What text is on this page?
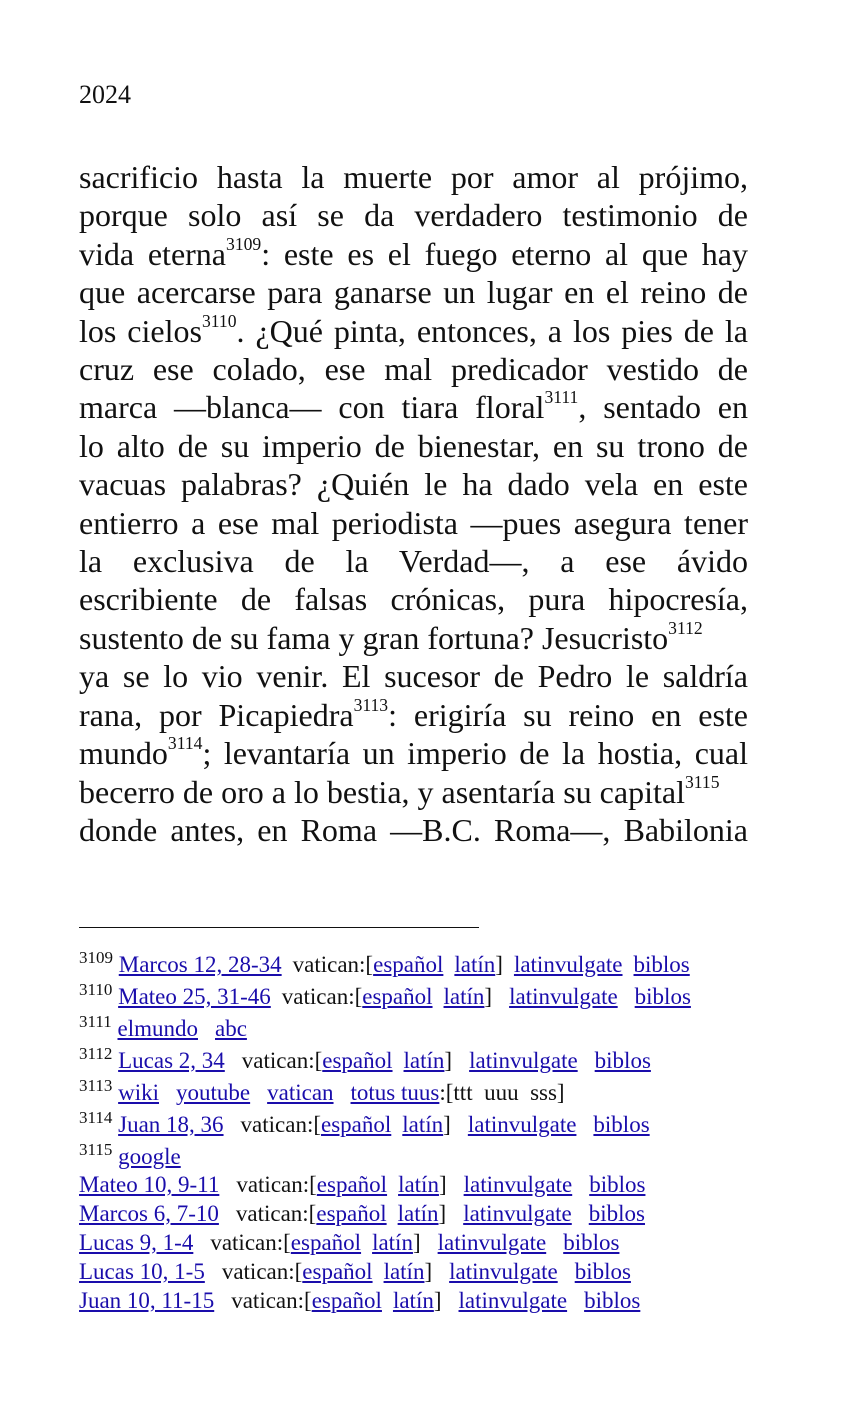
2024
sacrificio hasta la muerte por amor al prójimo,
porque solo así se da verdadero testimonio de
vida eterna$^{3109}$: este es el fuego eterno al que hay
que acercarse para ganarse un lugar en el reino de
los cielos$^{3110}$. ¿Qué pinta, entonces, a los pies de la
cruz ese colado, ese mal predicador vestido de
marca —blanca— con tiara floral$^{3111}$, sentado en
lo alto de su imperio de bienestar, en su trono de
vacuas palabras? ¿Quién le ha dado vela en este
entierro a ese mal periodista —pues asegura tener
la exclusiva de la Verdad—, a ese ávido
escribiente de falsas crónicas, pura hipocresía,
sustento de su fama y gran fortuna? Jesucristo$^{3112}$
ya se lo vio venir. El sucesor de Pedro le saldría
rana, por Picapiedra$^{3113}$: erigiría su reino en este
mundo$^{3114}$; levantaría un imperio de la hostia, cual
becerro de oro a lo bestia, y asentaría su capital$^{3115}$
donde antes, en Roma —B.C. Roma—, Babilonia
$^{3109}$ Marcos 12, 28-34 vatican:[español latín] latinvulgate biblos
$^{3110}$ Mateo 25, 31-46 vatican:[español latín] latinvulgate biblos
$^{3111}$ elmundo abc
$^{3112}$ Lucas 2, 34 vatican:[español latín] latinvulgate biblos
$^{3113}$ wiki youtube vatican totus tuus:[ttt  uuu  sss]
$^{3114}$ Juan 18, 36 vatican:[español latín] latinvulgate biblos
$^{3115}$ google
Mateo 10, 9-11 vatican:[español latín] latinvulgate biblos
Marcos 6, 7-10 vatican:[español latín] latinvulgate biblos
Lucas 9, 1-4 vatican:[español latín] latinvulgate biblos
Lucas 10, 1-5 vatican:[español latín] latinvulgate biblos
Juan 10, 11-15 vatican:[español latín] latinvulgate biblos
